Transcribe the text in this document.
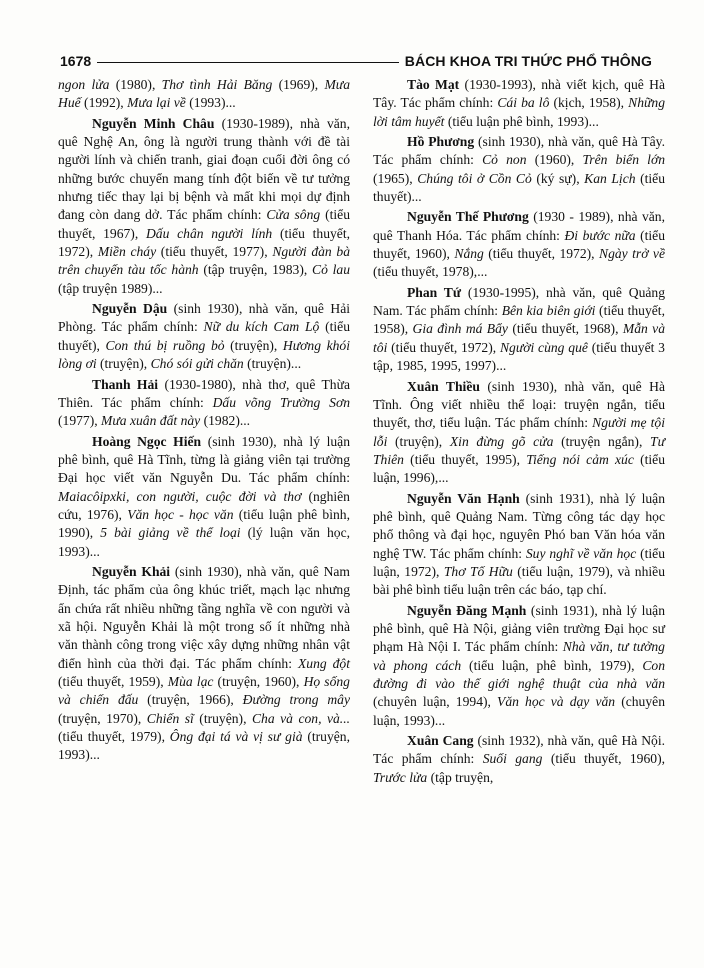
1678	BÁCH KHOA TRI THỨC PHỔ THÔNG

ngon lửa (1980), Thơ tình Hải Băng (1969), Mưa Huế (1992), Mưa lại về (1993)...

Nguyễn Minh Châu (1930-1989), nhà văn, quê Nghệ An, ông là người trung thành với đề tài người lính và chiến tranh, giai đoạn cuối đời ông có những bước chuyển mang tính đột biến về tư tưởng nhưng tiếc thay lại bị bệnh và mất khi mọi dự định đang còn dang dở. Tác phẩm chính: Cửa sông (tiểu thuyết, 1967), Dấu chân người lính (tiểu thuyết, 1972), Miền cháy (tiểu thuyết, 1977), Người đàn bà trên chuyến tàu tốc hành (tập truyện, 1983), Cỏ lau (tập truyện 1989)...

Nguyễn Dậu (sinh 1930), nhà văn, quê Hải Phòng. Tác phẩm chính: Nữ du kích Cam Lộ (tiểu thuyết), Con thú bị ruồng bỏ (truyện), Hương khói lòng ơi (truyện), Chó sói gửi chăn (truyện)...

Thanh Hải (1930-1980), nhà thơ, quê Thừa Thiên. Tác phẩm chính: Dấu võng Trường Sơn (1977), Mưa xuân đất này (1982)...

Hoàng Ngọc Hiến (sinh 1930), nhà lý luận phê bình, quê Hà Tĩnh, từng là giảng viên tại trường Đại học viết văn Nguyễn Du. Tác phẩm chính: Maiacôipxki, con người, cuộc đời và thơ (nghiên cứu, 1976), Văn học - học văn (tiểu luận phê bình, 1990), 5 bài giảng về thể loại (lý luận văn học, 1993)...

Nguyễn Khải (sinh 1930), nhà văn, quê Nam Định, tác phẩm của ông khúc triết, mạch lạc nhưng ẩn chứa rất nhiều những tầng nghĩa về con người và xã hội. Nguyễn Khải là một trong số ít những nhà văn thành công trong việc xây dựng những nhân vật điển hình của thời đại. Tác phẩm chính: Xung đột (tiểu thuyết, 1959), Mùa lạc (truyện, 1960), Họ sống và chiến đấu (truyện, 1966), Đường trong mây (truyện, 1970), Chiến sĩ (truyện), Cha và con, và... (tiểu thuyết, 1979), Ông đại tá và vị sư già (truyện, 1993)...

Tào Mạt (1930-1993), nhà viết kịch, quê Hà Tây. Tác phẩm chính: Cái ba lô (kịch, 1958), Những lời tâm huyết (tiểu luận phê bình, 1993)...

Hồ Phương (sinh 1930), nhà văn, quê Hà Tây. Tác phẩm chính: Cỏ non (1960), Trên biển lớn (1965), Chúng tôi ở Cồn Cỏ (ký sự), Kan Lịch (tiểu thuyết)...

Nguyễn Thế Phương (1930 - 1989), nhà văn, quê Thanh Hóa. Tác phẩm chính: Đi bước nữa (tiểu thuyết, 1960), Nắng (tiểu thuyết, 1972), Ngày trở về (tiểu thuyết, 1978),...

Phan Tứ (1930-1995), nhà văn, quê Quảng Nam. Tác phẩm chính: Bên kia biên giới (tiểu thuyết, 1958), Gia đình má Bẩy (tiểu thuyết, 1968), Mẫn và tôi (tiểu thuyết, 1972), Người cùng quê (tiểu thuyết 3 tập, 1985, 1995, 1997)...

Xuân Thiều (sinh 1930), nhà văn, quê Hà Tĩnh. Ông viết nhiều thể loại: truyện ngắn, tiểu thuyết, thơ, tiểu luận. Tác phẩm chính: Người mẹ tội lỗi (truyện), Xin đừng gõ cửa (truyện ngắn), Tư Thiên (tiểu thuyết, 1995), Tiếng nói cảm xúc (tiểu luận, 1996),...

Nguyễn Văn Hạnh (sinh 1931), nhà lý luận phê bình, quê Quảng Nam. Từng công tác dạy học phổ thông và đại học, nguyên Phó ban Văn hóa văn nghệ TW. Tác phẩm chính: Suy nghĩ về văn học (tiểu luận, 1972), Thơ Tố Hữu (tiểu luận, 1979), và nhiều bài phê bình tiểu luận trên các báo, tạp chí.

Nguyễn Đăng Mạnh (sinh 1931), nhà lý luận phê bình, quê Hà Nội, giảng viên trường Đại học sư phạm Hà Nội I. Tác phẩm chính: Nhà văn, tư tưởng và phong cách (tiểu luận, phê bình, 1979), Con đường đi vào thế giới nghệ thuật của nhà văn (chuyên luận, 1994), Văn học và dạy văn (chuyên luận, 1993)...

Xuân Cang (sinh 1932), nhà văn, quê Hà Nội. Tác phẩm chính: Suối gang (tiểu thuyết, 1960), Trước lửa (tập truyện,
